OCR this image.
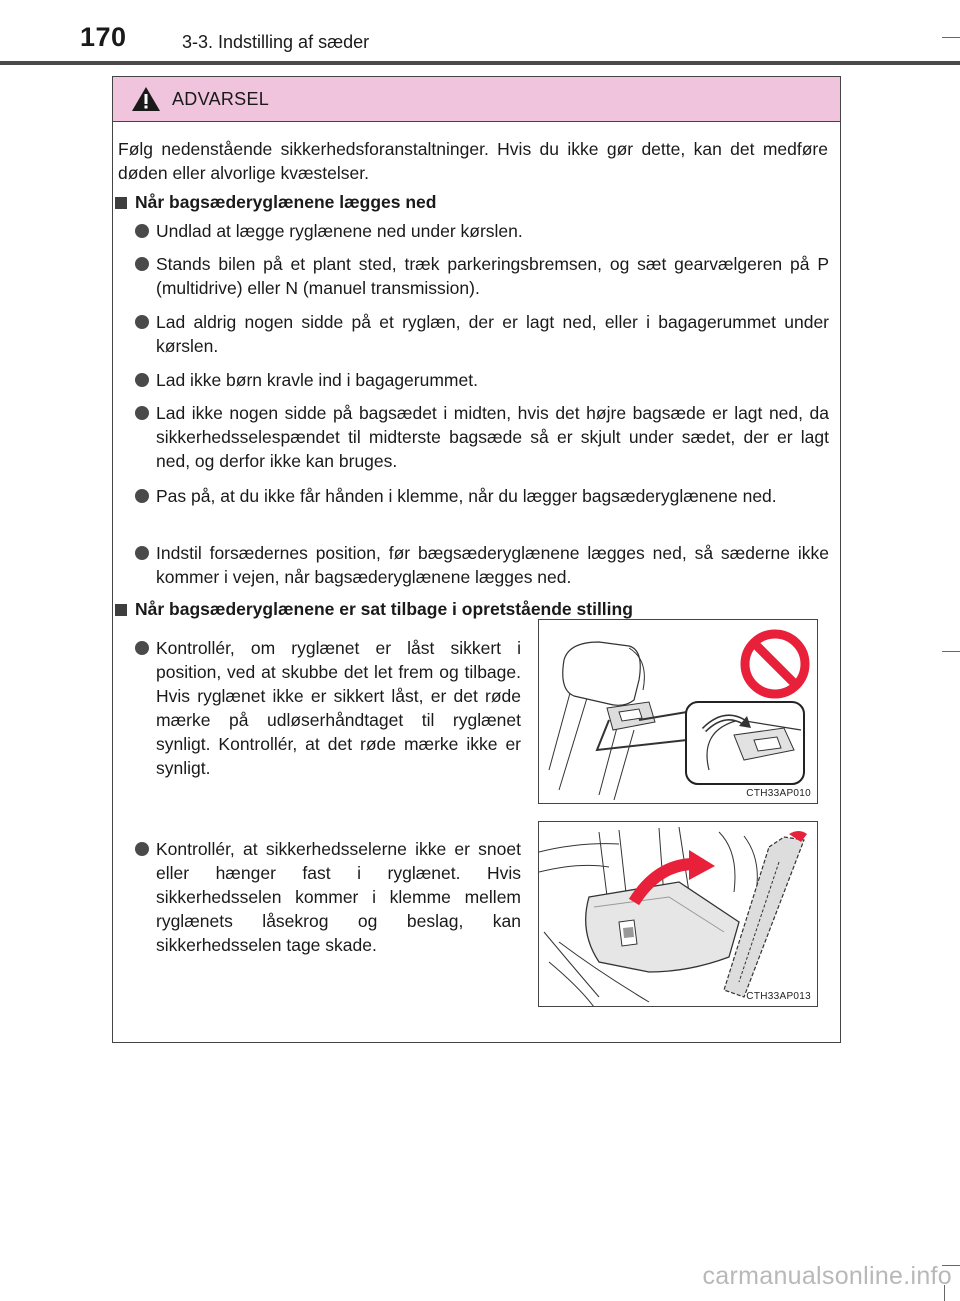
170	3-3. Indstilling af sæder
ADVARSEL
Følg nedenstående sikkerhedsforanstaltninger. Hvis du ikke gør dette, kan det medføre døden eller alvorlige kvæstelser.
Når bagsæderyglænene lægges ned
Undlad at lægge ryglænene ned under kørslen.
Stands bilen på et plant sted, træk parkeringsbremsen, og sæt gearvælgeren på P (multidrive) eller N (manuel transmission).
Lad aldrig nogen sidde på et ryglæn, der er lagt ned, eller i bagagerummet under kørslen.
Lad ikke børn kravle ind i bagagerummet.
Lad ikke nogen sidde på bagsædet i midten, hvis det højre bagsæde er lagt ned, da sikkerhedsselespændet til midterste bagsæde så er skjult under sædet, der er lagt ned, og derfor ikke kan bruges.
Pas på, at du ikke får hånden i klemme, når du lægger bagsæderyglænene ned.
Indstil forsædernes position, før bægsæderyglænene lægges ned, så sæderne ikke kommer i vejen, når bagsæderyglænene lægges ned.
Når bagsæderyglænene er sat tilbage i opretstående stilling
Kontrollér, om ryglænet er låst sikkert i position, ved at skubbe det let frem og tilbage. Hvis ryglænet ikke er sikkert låst, er det røde mærke på udløserhåndtaget til ryglænet synligt. Kontrollér, at det røde mærke ikke er synligt.
Kontrollér, at sikkerhedsselerne ikke er snoet eller hænger fast i ryglænet. Hvis sikkerhedsselen kommer i klemme mellem ryglænets låsekrog og beslag, kan sikkerhedsselen tage skade.
CTH33AP010
CTH33AP013
carmanualsonline.info
